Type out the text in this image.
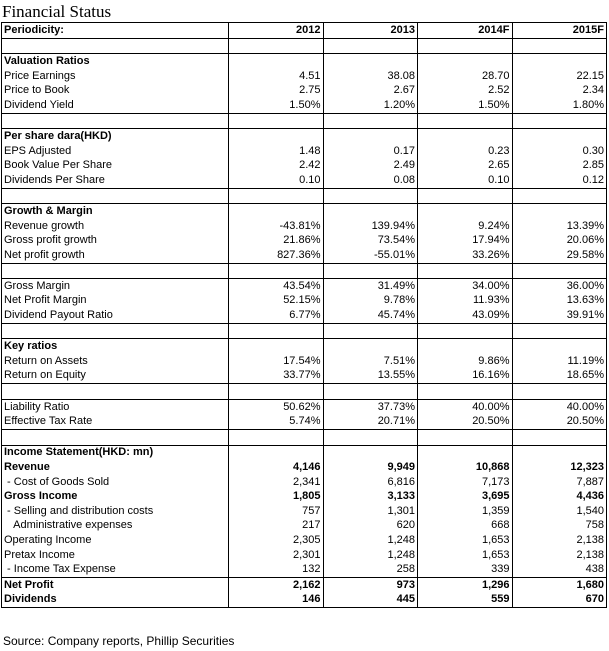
Financial Status
Periodicity:	2012	2013	2014F	2015F

Valuation Ratios				
Price Earnings	4.51	38.08	28.70	22.15
Price to Book	2.75	2.67	2.52	2.34
Dividend Yield	1.50%	1.20%	1.50%	1.80%

Per share dara(HKD)				
EPS Adjusted	1.48	0.17	0.23	0.30
Book Value Per Share	2.42	2.49	2.65	2.85
Dividends Per Share	0.10	0.08	0.10	0.12

Growth & Margin				
Revenue growth	-43.81%	139.94%	9.24%	13.39%
Gross profit growth	21.86%	73.54%	17.94%	20.06%
Net profit growth	827.36%	-55.01%	33.26%	29.58%

Gross Margin	43.54%	31.49%	34.00%	36.00%
Net Profit Margin	52.15%	9.78%	11.93%	13.63%
Dividend Payout Ratio	6.77%	45.74%	43.09%	39.91%

Key ratios				
Return on Assets	17.54%	7.51%	9.86%	11.19%
Return on Equity	33.77%	13.55%	16.16%	18.65%

Liability Ratio	50.62%	37.73%	40.00%	40.00%
Effective Tax Rate	5.74%	20.71%	20.50%	20.50%

Income Statement(HKD: mn)				
Revenue	4,146	9,949	10,868	12,323
- Cost of Goods Sold	2,341	6,816	7,173	7,887
Gross Income	1,805	3,133	3,695	4,436
- Selling and distribution costs	757	1,301	1,359	1,540
Administrative expenses	217	620	668	758
Operating Income	2,305	1,248	1,653	2,138
Pretax Income	2,301	1,248	1,653	2,138
- Income Tax Expense	132	258	339	438
Net Profit	2,162	973	1,296	1,680
Dividends	146	445	559	670
Source: Company reports, Phillip Securities
